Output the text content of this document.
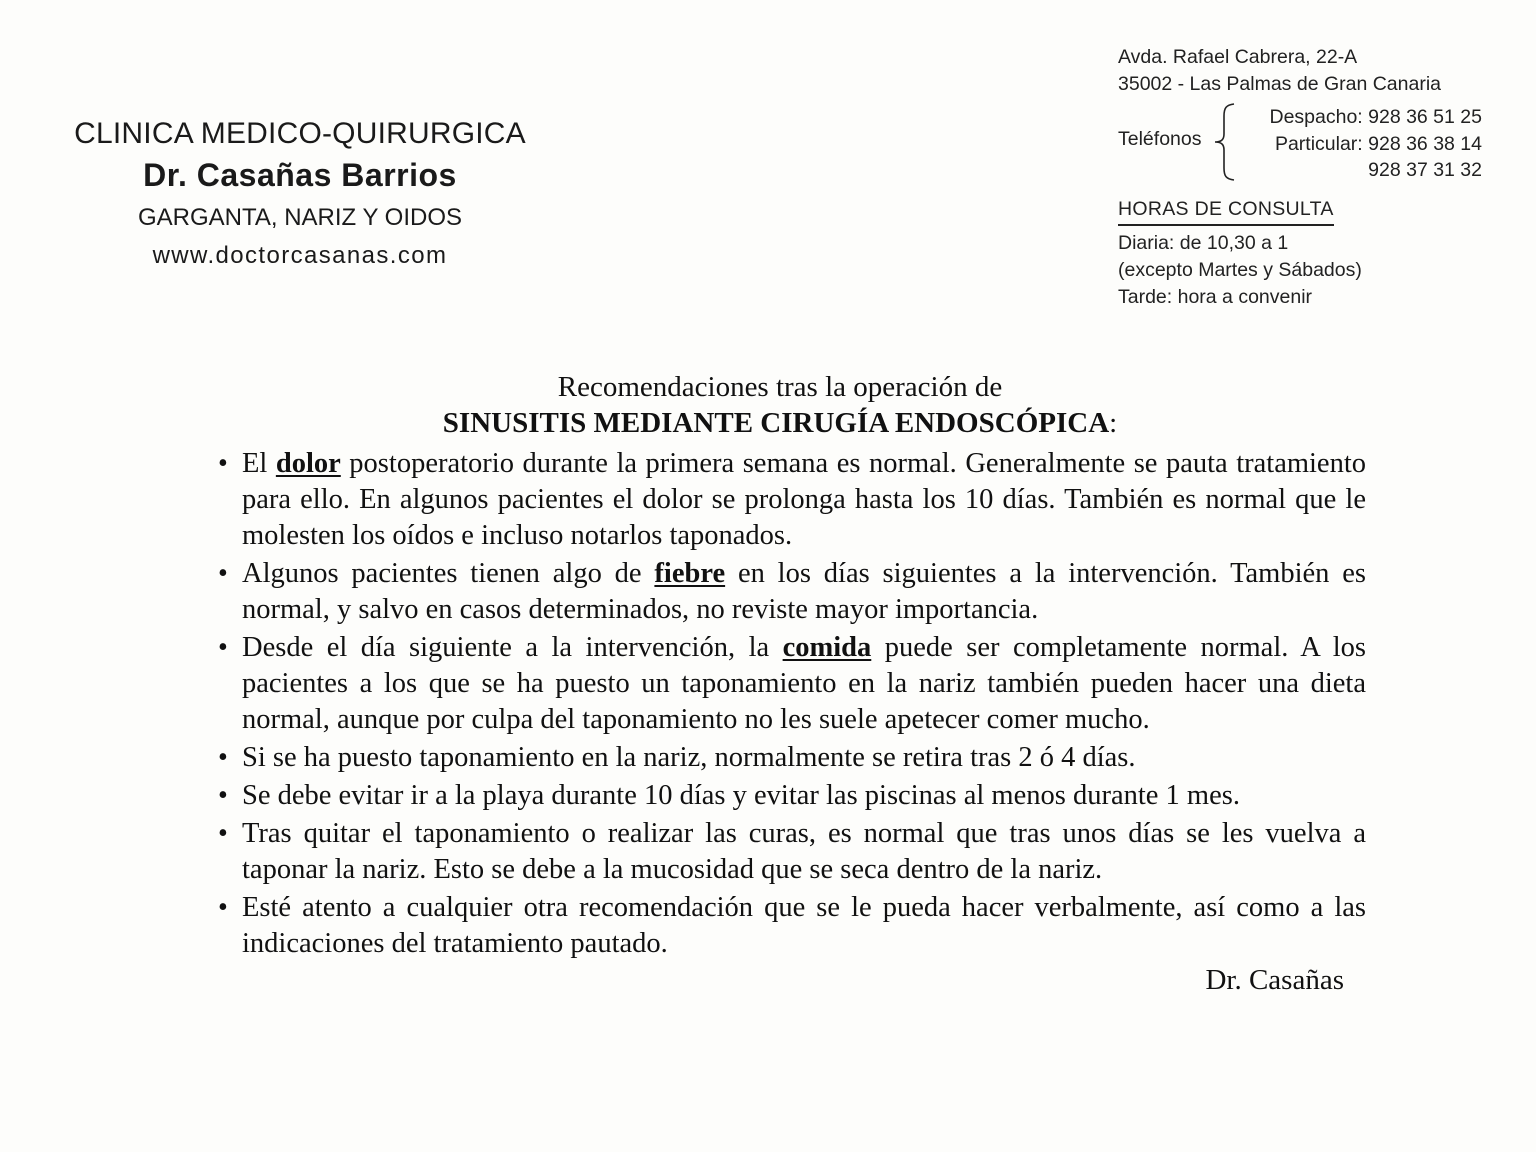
CLINICA MEDICO-QUIRURGICA
Dr. Casañas Barrios
GARGANTA, NARIZ Y OIDOS
www.doctorcasanas.com
Avda. Rafael Cabrera, 22-A
35002 - Las Palmas de Gran Canaria
Teléfonos
Despacho: 928 36 51 25
Particular: 928 36 38 14
928 37 31 32
HORAS DE CONSULTA
Diaria: de 10,30 a 1
(excepto Martes y Sábados)
Tarde: hora a convenir
Recomendaciones tras la operación de
SINUSITIS MEDIANTE CIRUGÍA ENDOSCÓPICA:
• El dolor postoperatorio durante la primera semana es normal. Generalmente se pauta tratamiento para ello. En algunos pacientes el dolor se prolonga hasta los 10 días. También es normal que le molesten los oídos e incluso notarlos taponados.
• Algunos pacientes tienen algo de fiebre en los días siguientes a la intervención. También es normal, y salvo en casos determinados, no reviste mayor importancia.
• Desde el día siguiente a la intervención, la comida puede ser completamente normal. A los pacientes a los que se ha puesto un taponamiento en la nariz también pueden hacer una dieta normal, aunque por culpa del taponamiento no les suele apetecer comer mucho.
• Si se ha puesto taponamiento en la nariz, normalmente se retira tras 2 ó 4 días.
• Se debe evitar ir a la playa durante 10 días y evitar las piscinas al menos durante 1 mes.
• Tras quitar el taponamiento o realizar las curas, es normal que tras unos días se les vuelva a taponar la nariz. Esto se debe a la mucosidad que se seca dentro de la nariz.
• Esté atento a cualquier otra recomendación que se le pueda hacer verbalmente, así como a las indicaciones del tratamiento pautado.
Dr. Casañas
